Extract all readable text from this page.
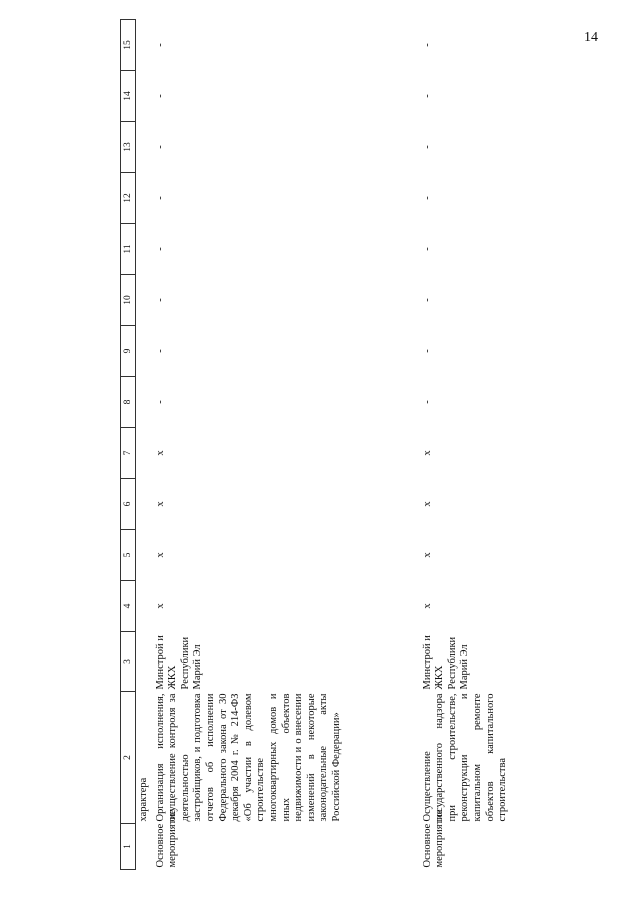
14
1	2	3	4	5	6	7	8	9	10	11	12	13	14	15
	характера													
Основное мероприятие	Организация исполнения, осуществление контроля за деятельностью застройщиков, и подготовка отчетов об исполнении Федерального закона от 30 декабря 2004 г. № 214-ФЗ «Об участии в долевом строительстве многоквартирных домов и иных объектов недвижимости и о внесении изменений в некоторые законодательные акты Российской Федерации»	Минстрой и ЖКХ Республики Марий Эл	x	x	x	x	-	-	-	-	-	-	-	-
Основное мероприятие	Осуществление государственного надзора при строительстве, реконструкции и капитальном ремонте объектов капитального строительства	Минстрой и ЖКХ Республики Марий Эл	x	x	x	x	-	-	-	-	-	-	-	-
